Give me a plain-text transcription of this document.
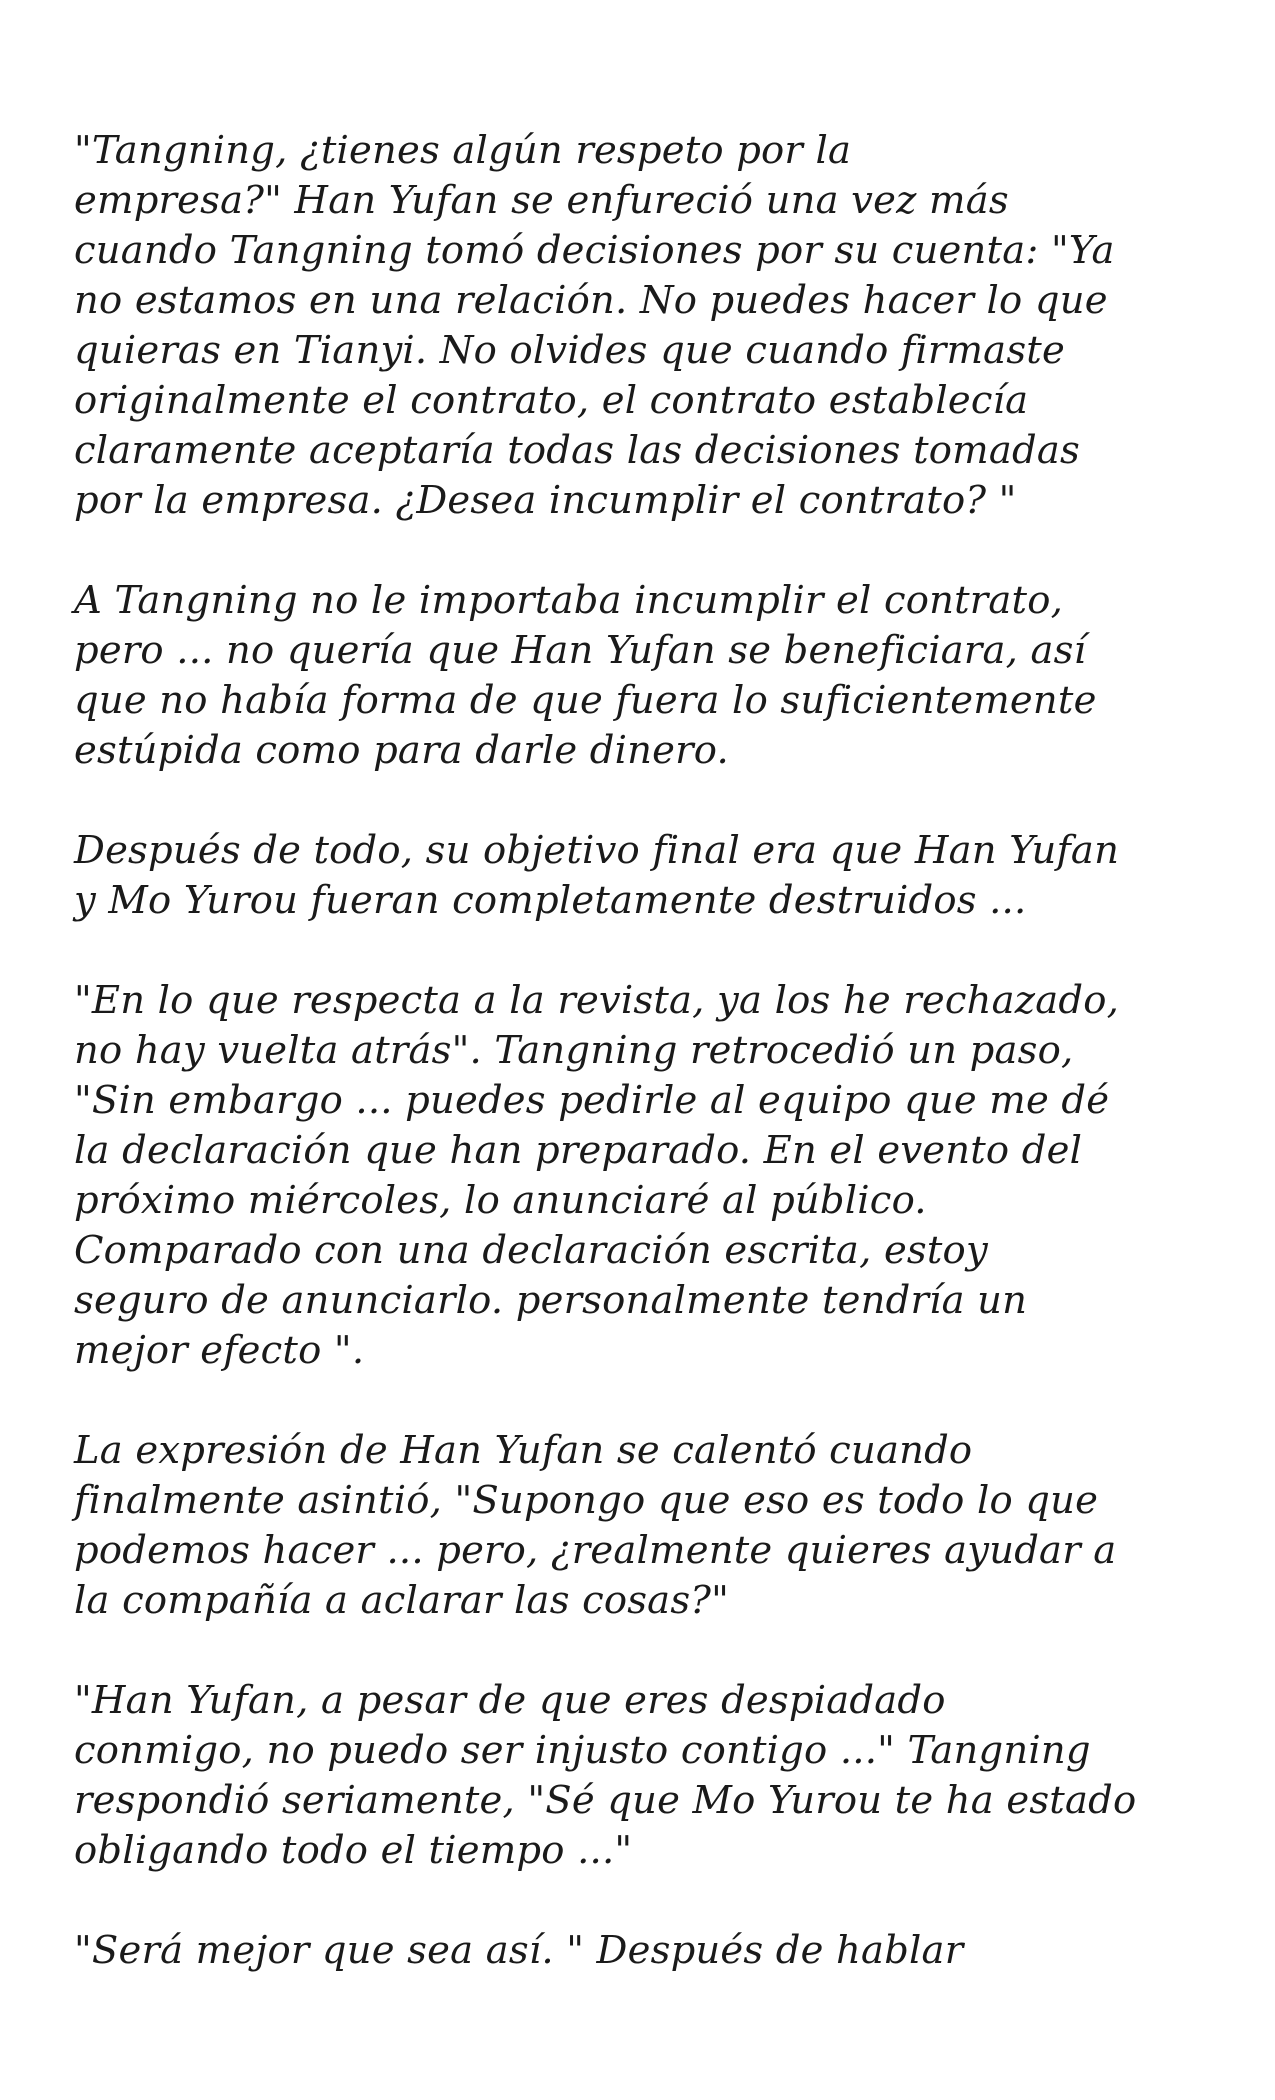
"Tangning, ¿tienes algún respeto por la
empresa?" Han Yufan se enfureció una vez más
cuando Tangning tomó decisiones por su cuenta: "Ya
no estamos en una relación. No puedes hacer lo que
quieras en Tianyi. No olvides que cuando firmaste
originalmente el contrato, el contrato establecía
claramente aceptaría todas las decisiones tomadas
por la empresa. ¿Desea incumplir el contrato? "
A Tangning no le importaba incumplir el contrato,
pero ... no quería que Han Yufan se beneficiara, así
que no había forma de que fuera lo suficientemente
estúpida como para darle dinero.
Después de todo, su objetivo final era que Han Yufan
y Mo Yurou fueran completamente destruidos ...
"En lo que respecta a la revista, ya los he rechazado,
no hay vuelta atrás". Tangning retrocedió un paso,
"Sin embargo ... puedes pedirle al equipo que me dé
la declaración que han preparado. En el evento del
próximo miércoles, lo anunciaré al público.
Comparado con una declaración escrita, estoy
seguro de anunciarlo. personalmente tendría un
mejor efecto ".
La expresión de Han Yufan se calentó cuando
finalmente asintió, "Supongo que eso es todo lo que
podemos hacer ... pero, ¿realmente quieres ayudar a
la compañía a aclarar las cosas?"
"Han Yufan, a pesar de que eres despiadado
conmigo, no puedo ser injusto contigo ..." Tangning
respondió seriamente, "Sé que Mo Yurou te ha estado
obligando todo el tiempo ..."
"Será mejor que sea así. " Después de hablar
